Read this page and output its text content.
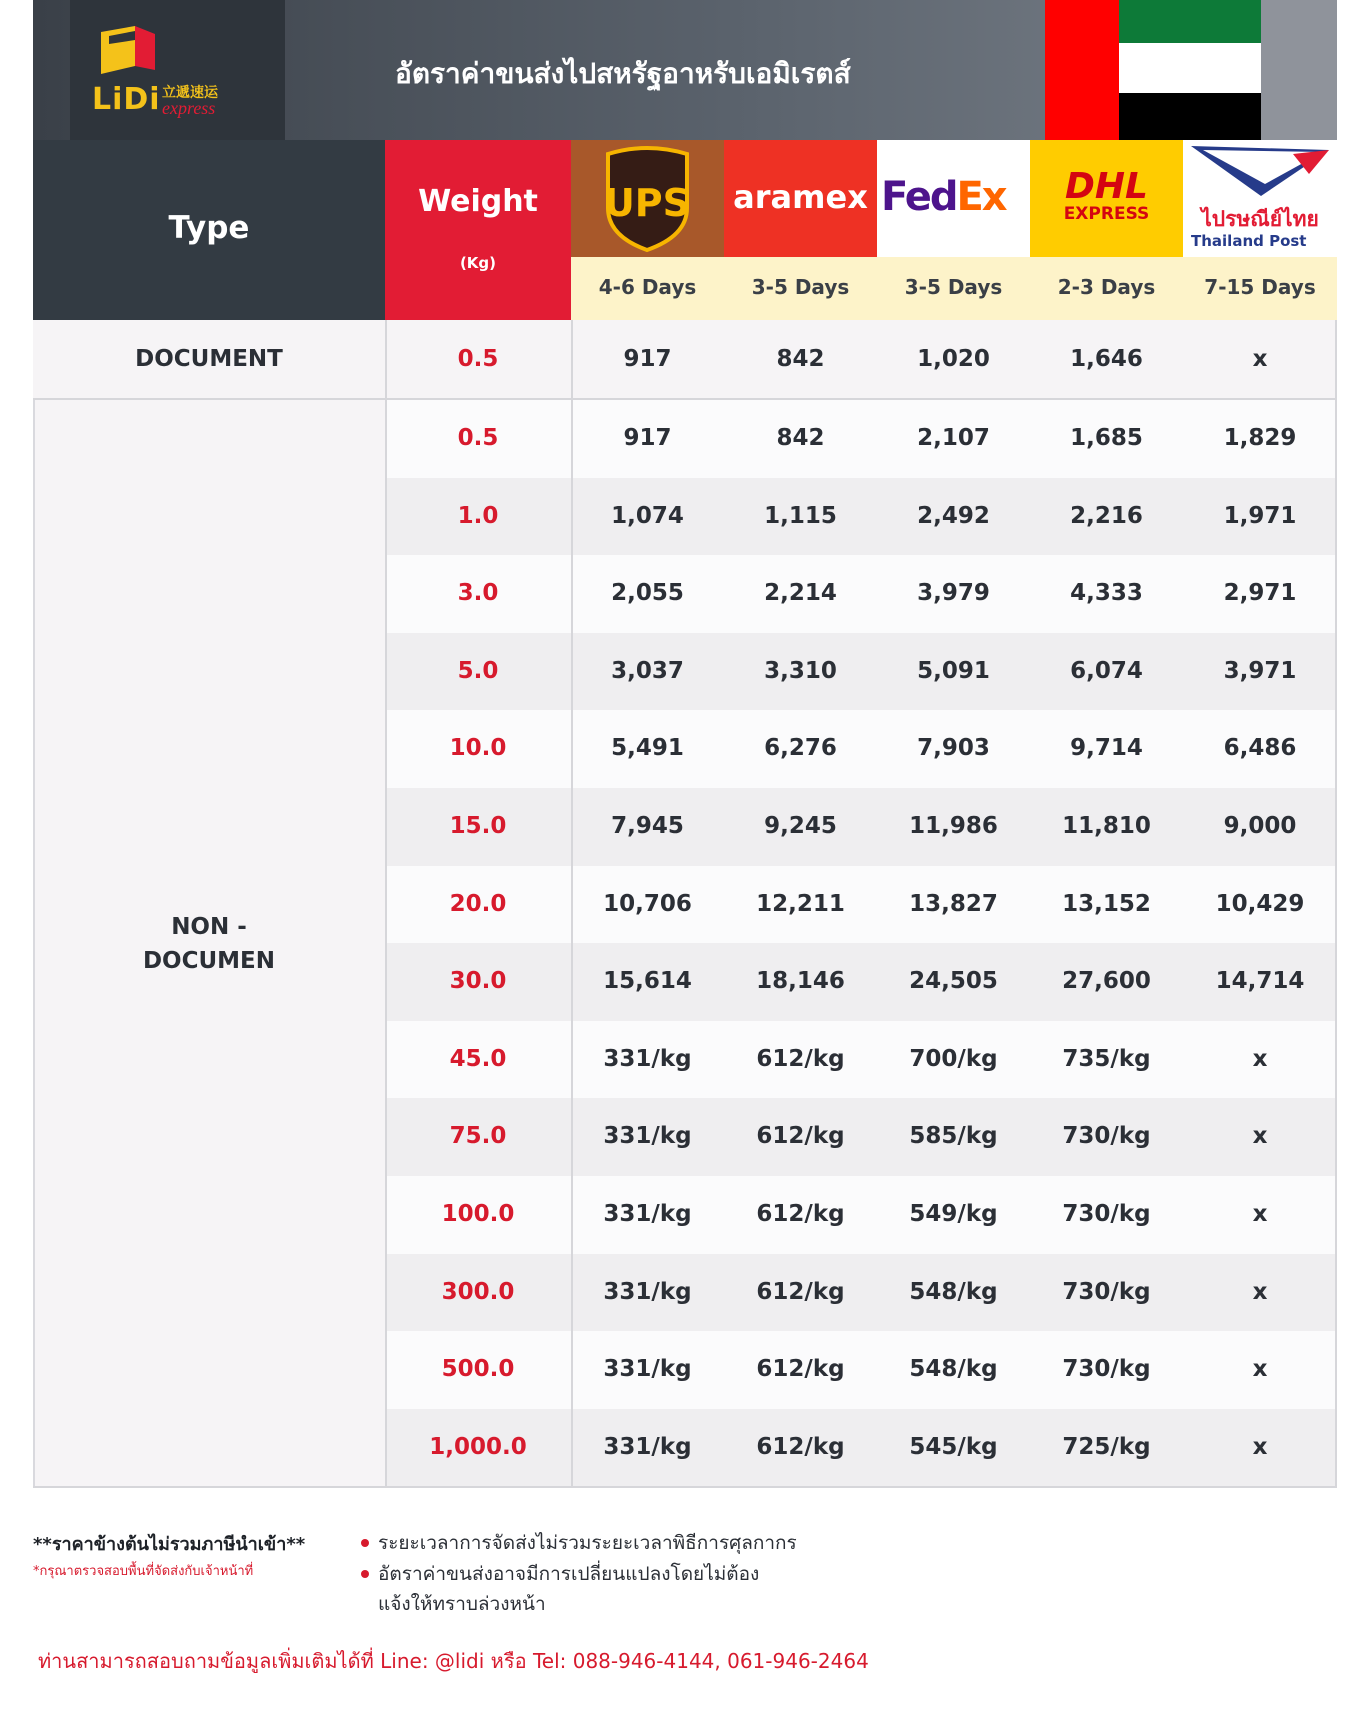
LiDi 立遞速运
express
อัตราค่าขนส่งไปสหรัฐอาหรับเอมิเรตส์
Type
Weight
(Kg)
UPS aramex FedEx	DHL
EXPRESS	ไปรษณีย์ไทย
Thailand Post
4-6 Days	3-5 Days	3-5 Days	2-3 Days	7-15 Days
DOCUMENT	0.5	917	842	1,020	1,646	x
NON -
DOCUMEN
0.5	917	842	2,107	1,685	1,829
1.0	1,074	1,115	2,492	2,216	1,971
3.0	2,055	2,214	3,979	4,333	2,971
5.0	3,037	3,310	5,091	6,074	3,971
10.0	5,491	6,276	7,903	9,714	6,486
15.0	7,945	9,245	11,986	11,810	9,000
20.0	10,706	12,211	13,827	13,152	10,429
30.0	15,614	18,146	24,505	27,600	14,714
45.0	331/kg	612/kg	700/kg	735/kg	x
75.0	331/kg	612/kg	585/kg	730/kg	x
100.0	331/kg	612/kg	549/kg	730/kg	x
300.0	331/kg	612/kg	548/kg	730/kg	x
500.0	331/kg	612/kg	548/kg	730/kg	x
1,000.0	331/kg	612/kg	545/kg	725/kg	x
**ราคาข้างต้นไม่รวมภาษีนำเข้า**
*กรุณาตรวจสอบพื้นที่จัดส่งกับเจ้าหน้าที่
ระยะเวลาการจัดส่งไม่รวมระยะเวลาพิธีการศุลกากร
อัตราค่าขนส่งอาจมีการเปลี่ยนแปลงโดยไม่ต้อง
แจ้งให้ทราบล่วงหน้า
ท่านสามารถสอบถามข้อมูลเพิ่มเติมได้ที่ Line: @lidi หรือ Tel: 088-946-4144, 061-946-2464
